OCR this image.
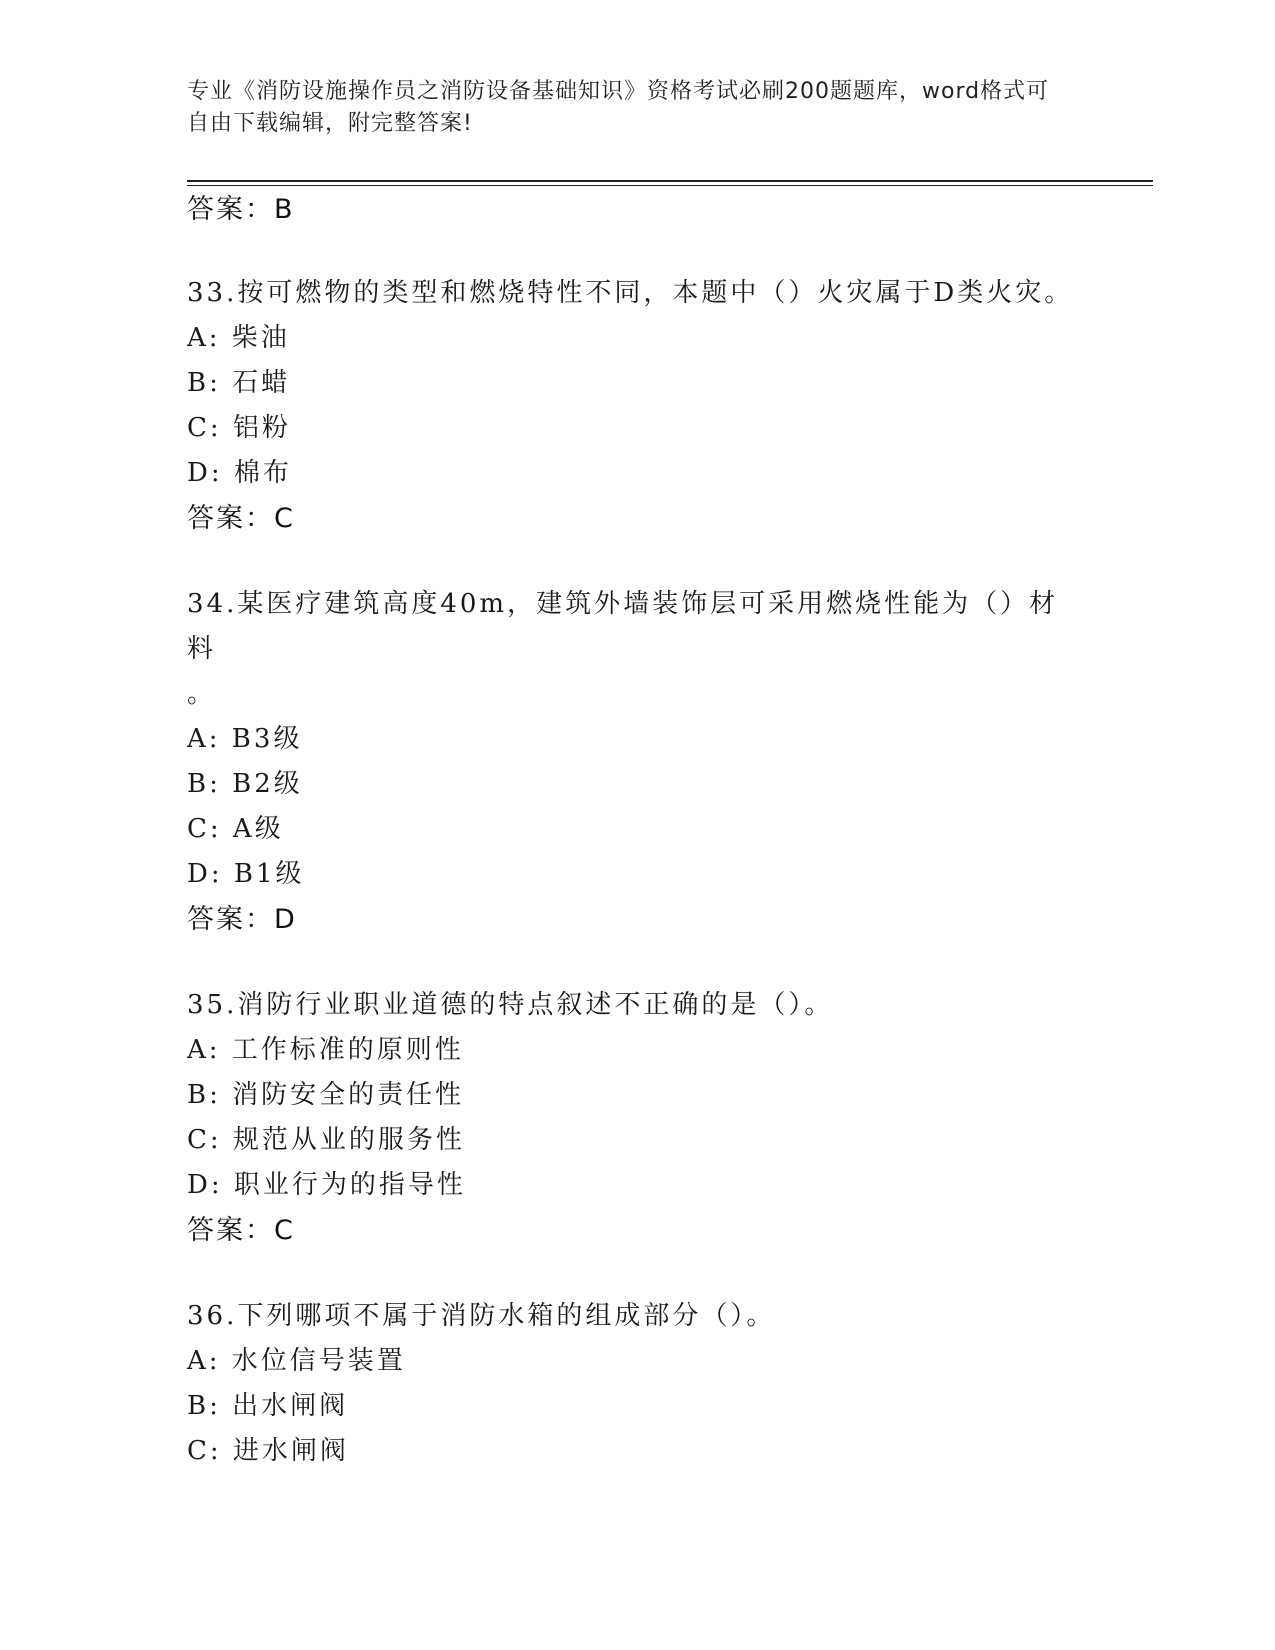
专业《消防设施操作员之消防设备基础知识》资格考试必刷200题题库，word格式可自由下载编辑，附完整答案!
答案：B
33.按可燃物的类型和燃烧特性不同，本题中（）火灾属于D类火灾。
A: 柴油
B: 石蜡
C: 铝粉
D: 棉布
答案：C
34.某医疗建筑高度40m，建筑外墙装饰层可采用燃烧性能为（）材料
。
A: B3级
B: B2级
C: A级
D: B1级
答案：D
35.消防行业职业道德的特点叙述不正确的是（）。
A: 工作标准的原则性
B: 消防安全的责任性
C: 规范从业的服务性
D: 职业行为的指导性
答案：C
36.下列哪项不属于消防水箱的组成部分（）。
A: 水位信号装置
B: 出水闸阀
C: 进水闸阀
